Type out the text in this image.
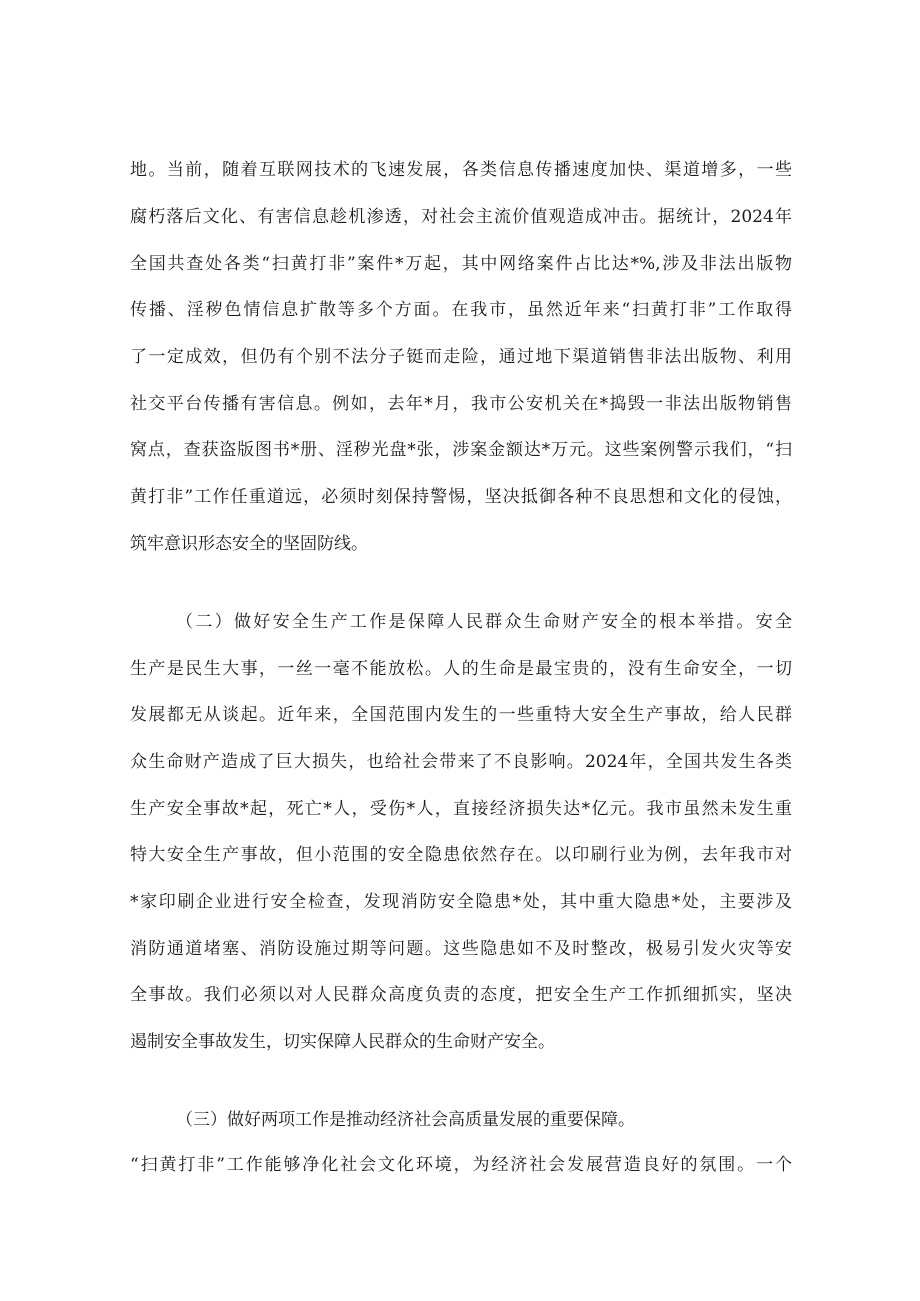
地。当前，随着互联网技术的飞速发展，各类信息传播速度加快、渠道增多，一些
腐朽落后文化、有害信息趁机渗透，对社会主流价值观造成冲击。据统计，2024年
全国共查处各类“扫黄打非”案件*万起，其中网络案件占比达*%,涉及非法出版物
传播、淫秽色情信息扩散等多个方面。在我市，虽然近年来“扫黄打非”工作取得
了一定成效，但仍有个别不法分子铤而走险，通过地下渠道销售非法出版物、利用
社交平台传播有害信息。例如，去年*月，我市公安机关在*捣毁一非法出版物销售
窝点，查获盗版图书*册、淫秽光盘*张，涉案金额达*万元。这些案例警示我们，“扫
黄打非”工作任重道远，必须时刻保持警惕，坚决抵御各种不良思想和文化的侵蚀，
筑牢意识形态安全的坚固防线。
（二）做好安全生产工作是保障人民群众生命财产安全的根本举措。安全
生产是民生大事，一丝一毫不能放松。人的生命是最宝贵的，没有生命安全，一切
发展都无从谈起。近年来，全国范围内发生的一些重特大安全生产事故，给人民群
众生命财产造成了巨大损失，也给社会带来了不良影响。2024年，全国共发生各类
生产安全事故*起，死亡*人，受伤*人，直接经济损失达*亿元。我市虽然未发生重
特大安全生产事故，但小范围的安全隐患依然存在。以印刷行业为例，去年我市对
*家印刷企业进行安全检查，发现消防安全隐患*处，其中重大隐患*处，主要涉及
消防通道堵塞、消防设施过期等问题。这些隐患如不及时整改，极易引发火灾等安
全事故。我们必须以对人民群众高度负责的态度，把安全生产工作抓细抓实，坚决
遏制安全事故发生，切实保障人民群众的生命财产安全。
（三）做好两项工作是推动经济社会高质量发展的重要保障。
“扫黄打非”工作能够净化社会文化环境，为经济社会发展营造良好的氛围。一个
